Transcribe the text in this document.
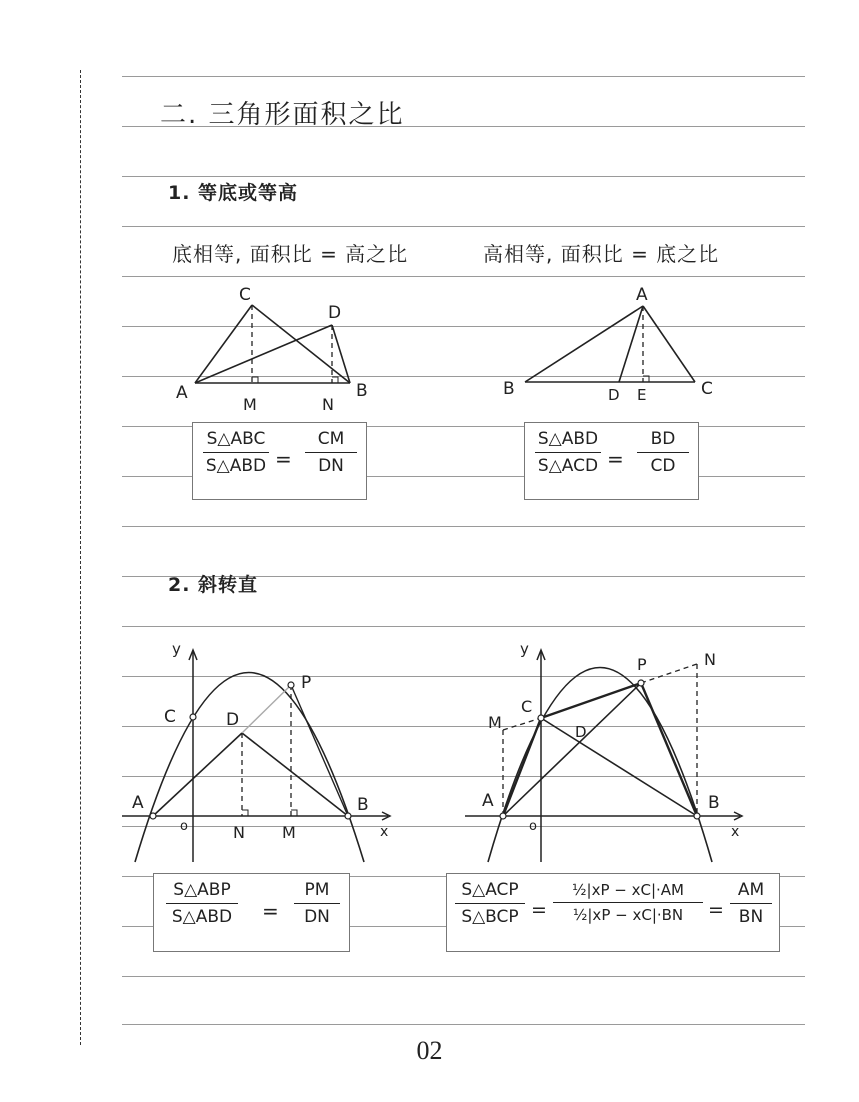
二. 三角形面积之比
1. 等底或等高
底相等, 面积比 = 高之比	高相等, 面积比 = 底之比
C
D
A
M	N
B
A
B	D E	C
S△ABC
S△ABD =
CM
DN
S△ABD
S△ACD =
BD
CD
2. 斜转直
y
C	D
P
A
o	N M
B
x
y
P	N
M
C
D
A
o
B
x
S△ABP
S△ABD =
PM
DN
S△ACP
S△BCP =
½|xP − xC|·AM
½|xP − xC|·BN	=
AM
BN
02
